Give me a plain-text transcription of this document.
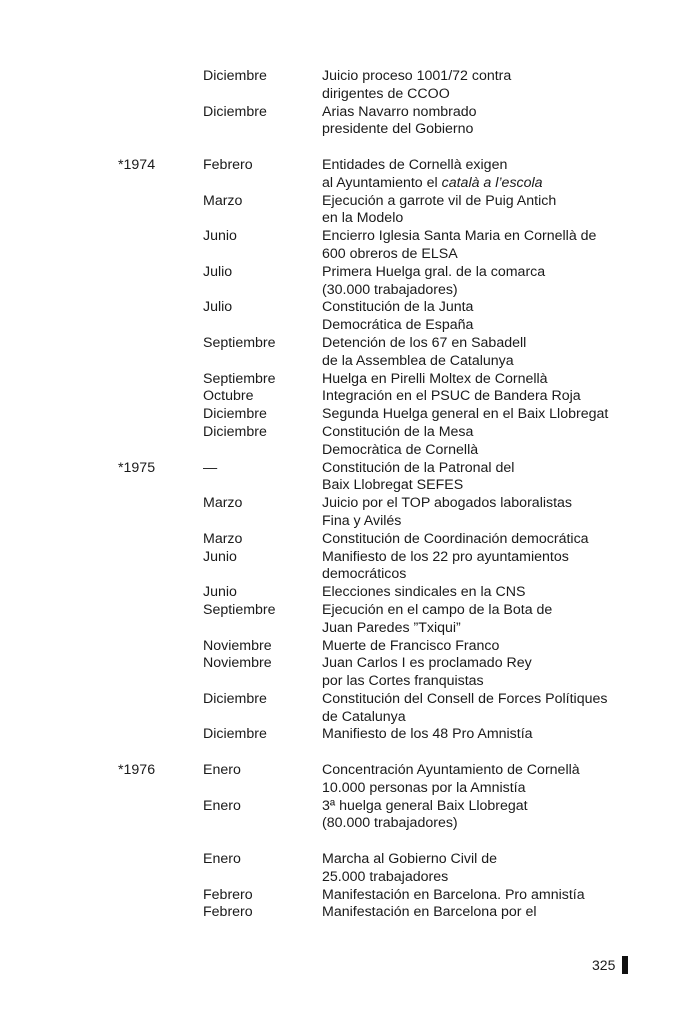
Diciembre	Juicio proceso 1001/72 contra
dirigentes de CCOO
Diciembre	Arias Navarro nombrado
presidente del Gobierno
*1974	Febrero	Entidades de Cornellà exigen
al Ayuntamiento el català a l’escola
Marzo	Ejecución a garrote vil de Puig Antich
en la Modelo
Junio	Encierro Iglesia Santa Maria en Cornellà de
600 obreros de ELSA
Julio	Primera Huelga gral. de la comarca
(30.000 trabajadores)
Julio	Constitución de la Junta
Democrática de España
Septiembre	Detención de los 67 en Sabadell
de la Assemblea de Catalunya
Septiembre	Huelga en Pirelli Moltex de Cornellà
Octubre	Integración en el PSUC de Bandera Roja
Diciembre	Segunda Huelga general en el Baix Llobregat
Diciembre	Constitución de la Mesa
Democràtica de Cornellà
*1975	—	Constitución de la Patronal del
Baix Llobregat SEFES
Marzo	Juicio por el TOP abogados laboralistas
Fina y Avilés
Marzo	Constitución de Coordinación democrática
Junio	Manifiesto de los 22 pro ayuntamientos
democráticos
Junio	Elecciones sindicales en la CNS
Septiembre	Ejecución en el campo de la Bota de
Juan Paredes ”Txiqui”
Noviembre	Muerte de Francisco Franco
Noviembre	Juan Carlos I es proclamado Rey
por las Cortes franquistas
Diciembre	Constitución del Consell de Forces Polítiques
de Catalunya
Diciembre	Manifiesto de los 48 Pro Amnistía
*1976	Enero	Concentración Ayuntamiento de Cornellà
10.000 personas por la Amnistía
Enero	3ª huelga general Baix Llobregat
(80.000 trabajadores)
Enero	Marcha al Gobierno Civil de
25.000 trabajadores
Febrero	Manifestación en Barcelona. Pro amnistía
Febrero	Manifestación en Barcelona por el
325
